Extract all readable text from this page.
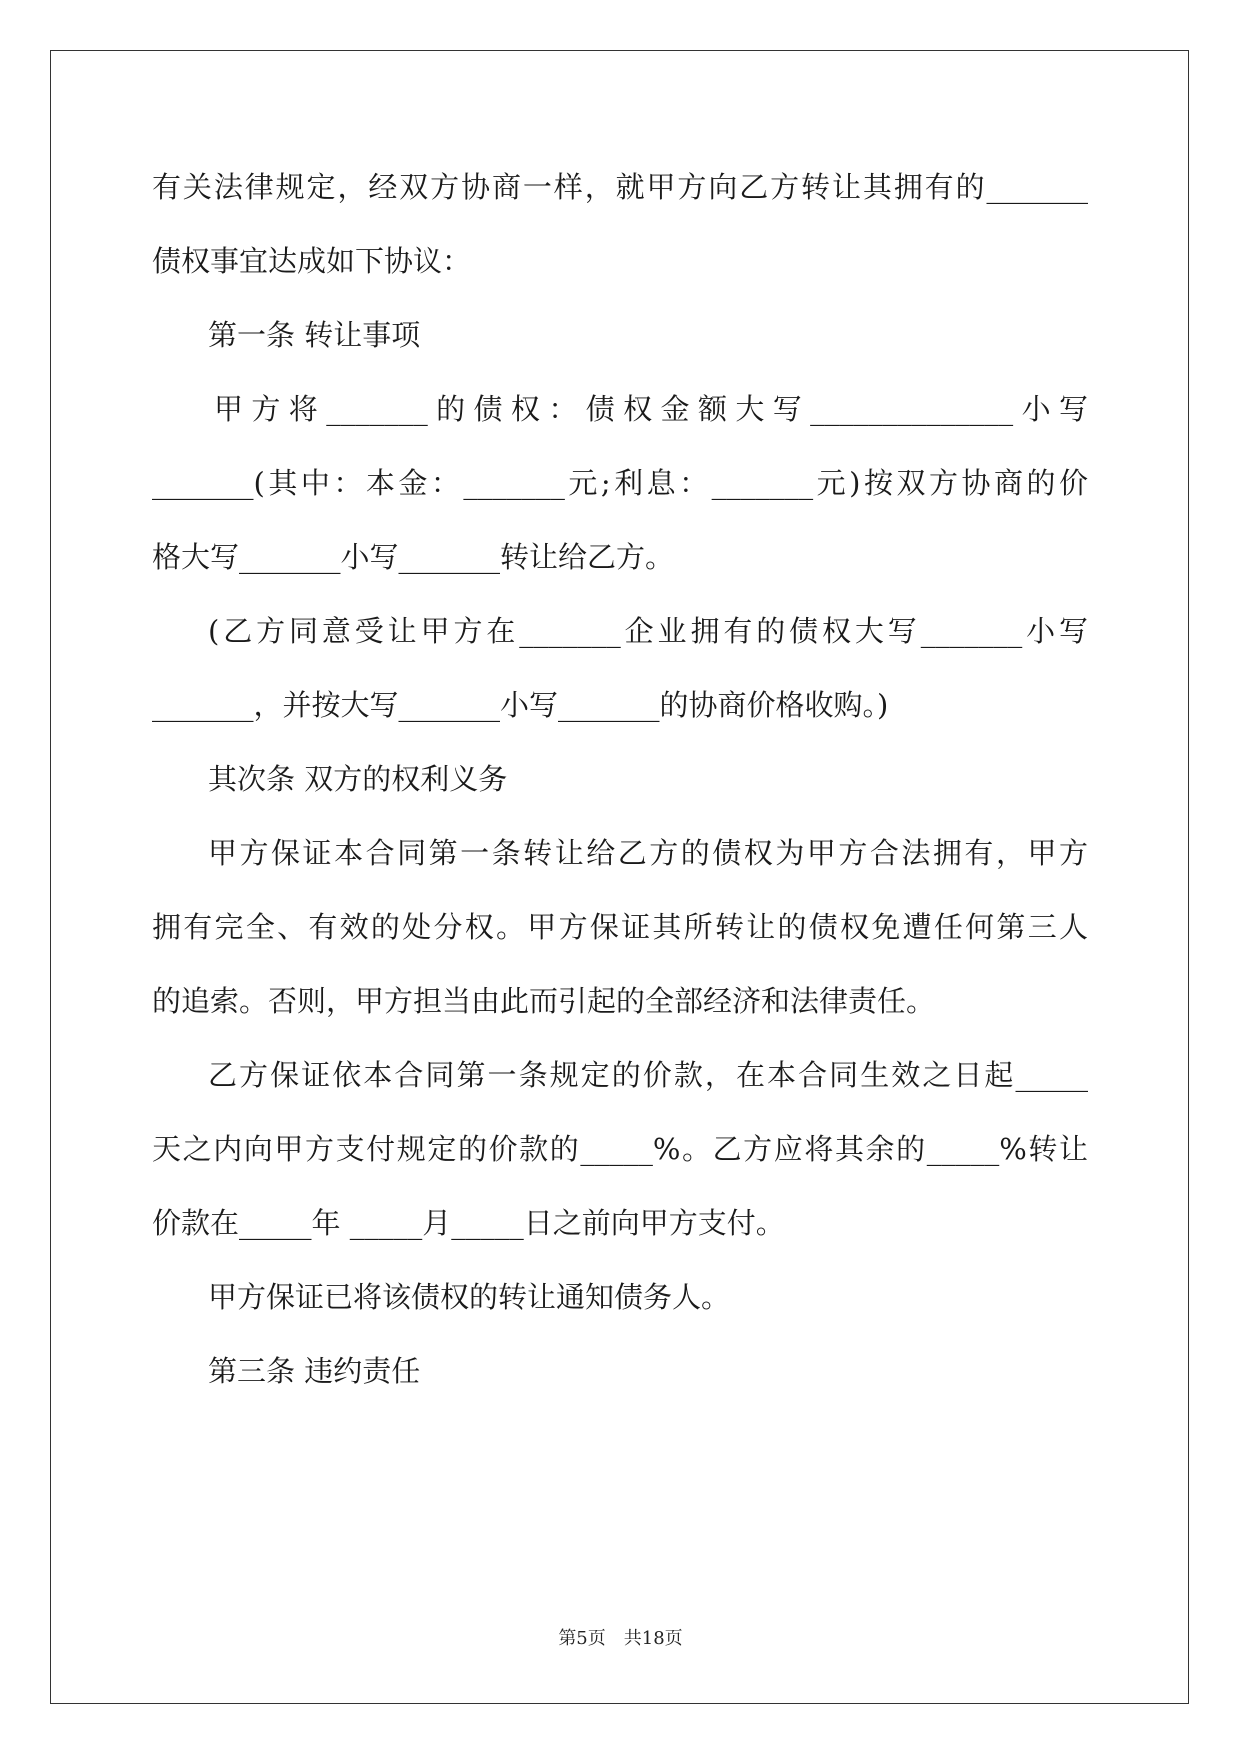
有关法律规定，经双方协商一样，就甲方向乙方转让其拥有的_______
债权事宜达成如下协议：
第一条 转让事项
甲方将_______的债权：债权金额大写______________小写
_______(其中：本金：_______元;利息：_______元)按双方协商的价
格大写_______小写_______转让给乙方。
(乙方同意受让甲方在_______企业拥有的债权大写_______小写
_______，并按大写_______小写_______的协商价格收购。)
其次条 双方的权利义务
甲方保证本合同第一条转让给乙方的债权为甲方合法拥有，甲方
拥有完全、有效的处分权。甲方保证其所转让的债权免遭任何第三人
的追索。否则，甲方担当由此而引起的全部经济和法律责任。
乙方保证依本合同第一条规定的价款，在本合同生效之日起_____
天之内向甲方支付规定的价款的_____%。乙方应将其余的_____%转让
价款在_____年 _____月_____日之前向甲方支付。
甲方保证已将该债权的转让通知债务人。
第三条 违约责任
第5页　共18页
